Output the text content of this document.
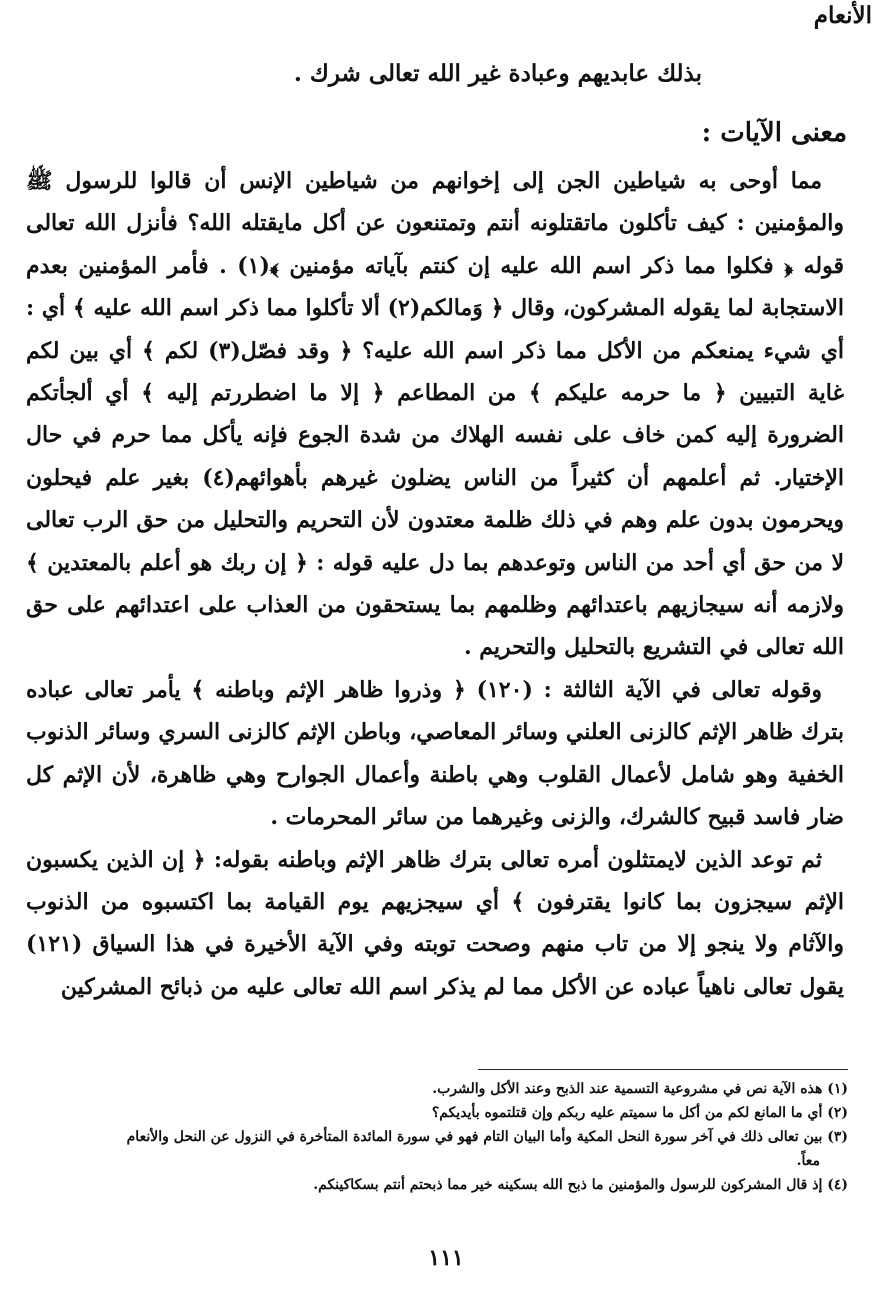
الأنعام
بذلك عابديهم وعبادة غير الله تعالى شرك .
معنى الآيات :

مما أوحى به شياطين الجن إلى إخوانهم من شياطين الإنس أن قالوا للرسول ﷺ والمؤمنين : كيف تأكلون ماتقتلونه أنتم وتمتنعون عن أكل مايقتله الله؟ فأنزل الله تعالى قوله ﴿ فكلوا مما ذكر اسم الله عليه إن كنتم بآياته مؤمنين ﴾(١) . فأمر المؤمنين بعدم الاستجابة لما يقوله المشركون، وقال ﴿ وَمالكم(٢) ألا تأكلوا مما ذكر اسم الله عليه ﴾ أي : أي شيء يمنعكم من الأكل مما ذكر اسم الله عليه؟ ﴿ وقد فصّل(٣) لكم ﴾ أي بين لكم غاية التبيين ﴿ ما حرمه عليكم ﴾ من المطاعم ﴿ إلا ما اضطررتم إليه ﴾ أي ألجأتكم الضرورة إليه كمن خاف على نفسه الهلاك من شدة الجوع فإنه يأكل مما حرم في حال الإختيار. ثم أعلمهم أن كثيراً من الناس يضلون غيرهم بأهوائهم(٤) بغير علم فيحلون ويحرمون بدون علم وهم في ذلك ظلمة معتدون لأن التحريم والتحليل من حق الرب تعالى لا من حق أي أحد من الناس وتوعدهم بما دل عليه قوله : ﴿ إن ربك هو أعلم بالمعتدين ﴾ ولازمه أنه سيجازيهم باعتدائهم وظلمهم بما يستحقون من العذاب على اعتدائهم على حق الله تعالى في التشريع بالتحليل والتحريم .

وقوله تعالى في الآية الثالثة : (١٢٠) ﴿ وذروا ظاهر الإثم وباطنه ﴾ يأمر تعالى عباده بترك ظاهر الإثم كالزنى العلني وسائر المعاصي، وباطن الإثم كالزنى السري وسائر الذنوب الخفية وهو شامل لأعمال القلوب وهي باطنة وأعمال الجوارح وهي ظاهرة، لأن الإثم كل ضار فاسد قبيح كالشرك، والزنى وغيرهما من سائر المحرمات .

ثم توعد الذين لايمتثلون أمره تعالى بترك ظاهر الإثم وباطنه بقوله: ﴿ إن الذين يكسبون الإثم سيجزون بما كانوا يقترفون ﴾ أي سيجزيهم يوم القيامة بما اكتسبوه من الذنوب والآثام ولا ينجو إلا من تاب منهم وصحت توبته وفي الآية الأخيرة في هذا السياق (١٢١) يقول تعالى ناهياً عباده عن الأكل مما لم يذكر اسم الله تعالى عليه من ذبائح المشركين

(١) هذه الآية نص في مشروعية التسمية عند الذبح وعند الأكل والشرب.
(٢) أي ما المانع لكم من أكل ما سميتم عليه ربكم وإن قتلتموه بأيديكم؟
(٣) بين تعالى ذلك في آخر سورة النحل المكية وأما البيان التام فهو في سورة المائدة المتأخرة في النزول عن النحل والأنعام
معاً.
(٤) إذ قال المشركون للرسول والمؤمنين ما ذبح الله بسكينه خير مما ذبحتم أنتم بسكاكينكم.
١١١
